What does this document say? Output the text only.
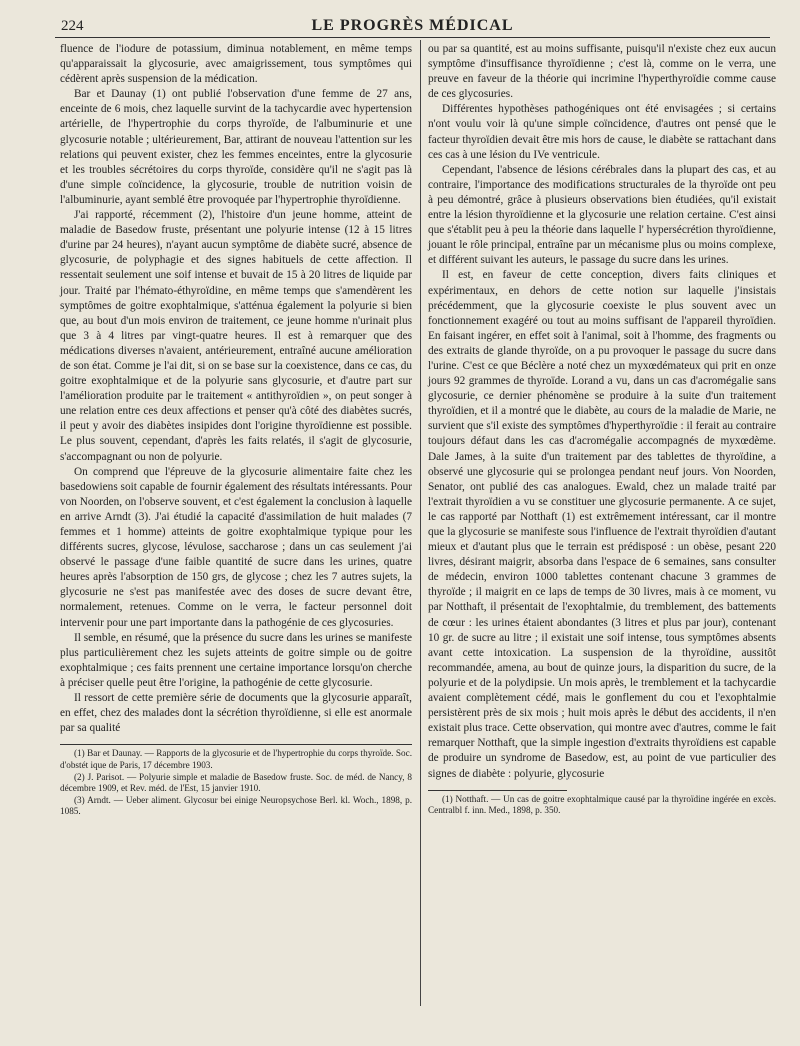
224	LE PROGRÈS MÉDICAL

fluence de l'iodure de potassium, diminua notablement, en même temps qu'apparaissait la glycosurie, avec amaigrissement, tous symptômes qui cédèrent après suspension de la médication.

Bar et Daunay (1) ont publié l'observation d'une femme de 27 ans, enceinte de 6 mois, chez laquelle survint de la tachycardie avec hypertension artérielle, de l'hypertrophie du corps thyroïde, de l'albuminurie et une glycosurie notable ; ultérieurement, Bar, attirant de nouveau l'attention sur les relations qui peuvent exister, chez les femmes enceintes, entre la glycosurie et les troubles sécrétoires du corps thyroïde, considère qu'il ne s'agit pas là d'une simple coïncidence, la glycosurie, trouble de nutrition voisin de l'albuminurie, ayant semblé être provoquée par l'hypertrophie thyroïdienne.

J'ai rapporté, récemment (2), l'histoire d'un jeune homme, atteint de maladie de Basedow fruste, présentant une polyurie intense (12 à 15 litres d'urine par 24 heures), n'ayant aucun symptôme de diabète sucré, absence de glycosurie, de polyphagie et des signes habituels de cette affection. Il ressentait seulement une soif intense et buvait de 15 à 20 litres de liquide par jour. Traité par l'hémato-éthyroïdine, en même temps que s'amendèrent les symptômes de goitre exophtalmique, s'atténua également la polyurie si bien que, au bout d'un mois environ de traitement, ce jeune homme n'urinait plus que 3 à 4 litres par vingt-quatre heures. Il est à remarquer que des médications diverses n'avaient, antérieurement, entraîné aucune amélioration de son état. Comme je l'ai dit, si on se base sur la coexistence, dans ce cas, du goitre exophtalmique et de la polyurie sans glycosurie, et d'autre part sur l'amélioration produite par le traitement « antithyroïdien », on peut songer à une relation entre ces deux affections et penser qu'à côté des diabètes sucrés, il peut y avoir des diabètes insipides dont l'origine thyroïdienne est possible. Le plus souvent, cependant, d'après les faits relatés, il s'agit de glycosurie, s'accompagnant ou non de polyurie.

On comprend que l'épreuve de la glycosurie alimentaire faite chez les basedowiens soit capable de fournir également des résultats intéressants. Pour von Noorden, on l'observe souvent, et c'est également la conclusion à laquelle en arrive Arndt (3). J'ai étudié la capacité d'assimilation de huit malades (7 femmes et 1 homme) atteints de goitre exophtalmique typique pour les différents sucres, glycose, lévulose, saccharose ; dans un cas seulement j'ai observé le passage d'une faible quantité de sucre dans les urines, quatre heures après l'absorption de 150 grs, de glycose ; chez les 7 autres sujets, la glycosurie ne s'est pas manifestée avec des doses de sucre devant être, normalement, retenues. Comme on le verra, le facteur personnel doit intervenir pour une part importante dans la pathogénie de ces glycosuries.

Il semble, en résumé, que la présence du sucre dans les urines se manifeste plus particulièrement chez les sujets atteints de goitre simple ou de goitre exophtalmique ; ces faits prennent une certaine importance lorsqu'on cherche à préciser quelle peut être l'origine, la pathogénie de cette glycosurie.

Il ressort de cette première série de documents que la glycosurie apparaît, en effet, chez des malades dont la sécrétion thyroïdienne, si elle est anormale par sa qualité

(1) Bar et Daunay. — Rapports de la glycosurie et de l'hypertrophie du corps thyroïde. Soc. d'obstét ique de Paris, 17 décembre 1903.

(2) J. Parisot. — Polyurie simple et maladie de Basedow fruste. Soc. de méd. de Nancy, 8 décembre 1909, et Rev. méd. de l'Est, 15 janvier 1910.

(3) Arndt. — Ueber aliment. Glycosur bei einige Neuropsychose Berl. kl. Woch., 1898, p. 1085.

ou par sa quantité, est au moins suffisante, puisqu'il n'existe chez eux aucun symptôme d'insuffisance thyroïdienne ; c'est là, comme on le verra, une preuve en faveur de la théorie qui incrimine l'hyperthyroïdie comme cause de ces glycosuries.

Différentes hypothèses pathogéniques ont été envisagées ; si certains n'ont voulu voir là qu'une simple coïncidence, d'autres ont pensé que le facteur thyroïdien devait être mis hors de cause, le diabète se rattachant dans ces cas à une lésion du IVe ventricule.

Cependant, l'absence de lésions cérébrales dans la plupart des cas, et au contraire, l'importance des modifications structurales de la thyroïde ont peu à peu démontré, grâce à plusieurs observations bien étudiées, qu'il existait entre la lésion thyroïdienne et la glycosurie une relation certaine. C'est ainsi que s'établit peu à peu la théorie dans laquelle l' hypersécrétion thyroïdienne, jouant le rôle principal, entraîne par un mécanisme plus ou moins complexe, et différent suivant les auteurs, le passage du sucre dans les urines.

Il est, en faveur de cette conception, divers faits cliniques et expérimentaux, en dehors de cette notion sur laquelle j'insistais précédemment, que la glycosurie coexiste le plus souvent avec un fonctionnement exagéré ou tout au moins suffisant de l'appareil thyroïdien. En faisant ingérer, en effet soit à l'animal, soit à l'homme, des fragments ou des extraits de glande thyroïde, on a pu provoquer le passage du sucre dans l'urine. C'est ce que Béclère a noté chez un myxœdémateux qui prit en onze jours 92 grammes de thyroïde. Lorand a vu, dans un cas d'acromégalie sans glycosurie, ce dernier phénomène se produire à la suite d'un traitement thyroïdien, et il a montré que le diabète, au cours de la maladie de Marie, ne survient que s'il existe des symptômes d'hyperthyroïdie : il ferait au contraire toujours défaut dans les cas d'acromégalie accompagnés de myxœdème. Dale James, à la suite d'un traitement par des tablettes de thyroïdine, a observé une glycosurie qui se prolongea pendant neuf jours. Von Noorden, Senator, ont publié des cas analogues. Ewald, chez un malade traité par l'extrait thyroïdien a vu se constituer une glycosurie permanente. A ce sujet, le cas rapporté par Notthaft (1) est extrêmement intéressant, car il montre que la glycosurie se manifeste sous l'influence de l'extrait thyroïdien d'autant mieux et d'autant plus que le terrain est prédisposé : un obèse, pesant 220 livres, désirant maigrir, absorba dans l'espace de 6 semaines, sans consulter de médecin, environ 1000 tablettes contenant chacune 3 grammes de thyroïde ; il maigrit en ce laps de temps de 30 livres, mais à ce moment, vu par Notthaft, il présentait de l'exophtalmie, du tremblement, des battements de cœur : les urines étaient abondantes (3 litres et plus par jour), contenant 10 gr. de sucre au litre ; il existait une soif intense, tous symptômes absents avant cette intoxication. La suspension de la thyroïdine, aussitôt recommandée, amena, au bout de quinze jours, la disparition du sucre, de la polyurie et de la polydipsie. Un mois après, le tremblement et la tachycardie avaient complètement cédé, mais le gonflement du cou et l'exophtalmie persistèrent près de six mois ; huit mois après le début des accidents, il n'en existait plus trace. Cette observation, qui montre avec d'autres, comme le fait remarquer Notthaft, que la simple ingestion d'extraits thyroïdiens est capable de produire un syndrome de Basedow, est, au point de vue particulier des signes de diabète : polyurie, glycosurie

(1) Notthaft. — Un cas de goitre exophtalmique causé par la thyroïdine ingérée en excès. Centralbl f. inn. Med., 1898, p. 350.
